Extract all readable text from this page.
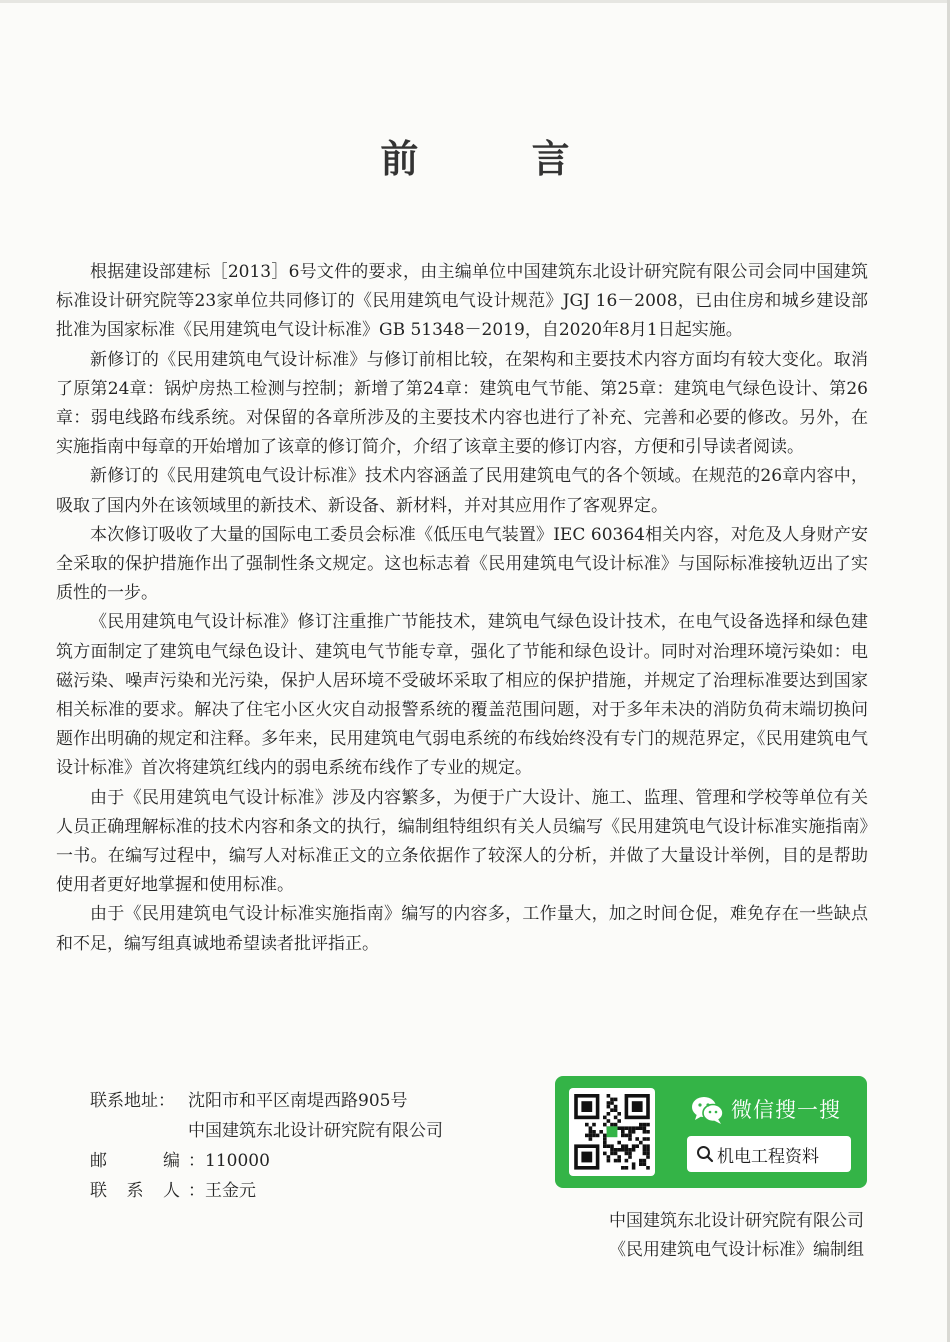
前 言

根据建设部建标［2013］6号文件的要求，由主编单位中国建筑东北设计研究院有限公司会同中国建筑标准设计研究院等23家单位共同修订的《民用建筑电气设计规范》JGJ 16－2008，已由住房和城乡建设部批准为国家标准《民用建筑电气设计标准》GB 51348－2019，自2020年8月1日起实施。

新修订的《民用建筑电气设计标准》与修订前相比较，在架构和主要技术内容方面均有较大变化。取消了原第24章：锅炉房热工检测与控制；新增了第24章：建筑电气节能、第25章：建筑电气绿色设计、第26章：弱电线路布线系统。对保留的各章所涉及的主要技术内容也进行了补充、完善和必要的修改。另外，在实施指南中每章的开始增加了该章的修订简介，介绍了该章主要的修订内容，方便和引导读者阅读。

新修订的《民用建筑电气设计标准》技术内容涵盖了民用建筑电气的各个领域。在规范的26章内容中，吸取了国内外在该领域里的新技术、新设备、新材料，并对其应用作了客观界定。

本次修订吸收了大量的国际电工委员会标准《低压电气装置》IEC 60364相关内容，对危及人身财产安全采取的保护措施作出了强制性条文规定。这也标志着《民用建筑电气设计标准》与国际标准接轨迈出了实质性的一步。

《民用建筑电气设计标准》修订注重推广节能技术，建筑电气绿色设计技术，在电气设备选择和绿色建筑方面制定了建筑电气绿色设计、建筑电气节能专章，强化了节能和绿色设计。同时对治理环境污染如：电磁污染、噪声污染和光污染，保护人居环境不受破坏采取了相应的保护措施，并规定了治理标准要达到国家相关标准的要求。解决了住宅小区火灾自动报警系统的覆盖范围问题，对于多年未决的消防负荷末端切换问题作出明确的规定和注释。多年来，民用建筑电气弱电系统的布线始终没有专门的规范界定，《民用建筑电气设计标准》首次将建筑红线内的弱电系统布线作了专业的规定。

由于《民用建筑电气设计标准》涉及内容繁多，为便于广大设计、施工、监理、管理和学校等单位有关人员正确理解标准的技术内容和条文的执行，编制组特组织有关人员编写《民用建筑电气设计标准实施指南》一书。在编写过程中，编写人对标准正文的立条依据作了较深人的分析，并做了大量设计举例，目的是帮助使用者更好地掌握和使用标准。

由于《民用建筑电气设计标准实施指南》编写的内容多，工作量大，加之时间仓促，难免存在一些缺点和不足，编写组真诚地希望读者批评指正。

联系地址： 沈阳市和平区南堤西路905号
中国建筑东北设计研究院有限公司
邮编 ：110000
联系人 ：王金元
微信搜一搜
机电工程资料
中国建筑东北设计研究院有限公司
《民用建筑电气设计标准》编制组
